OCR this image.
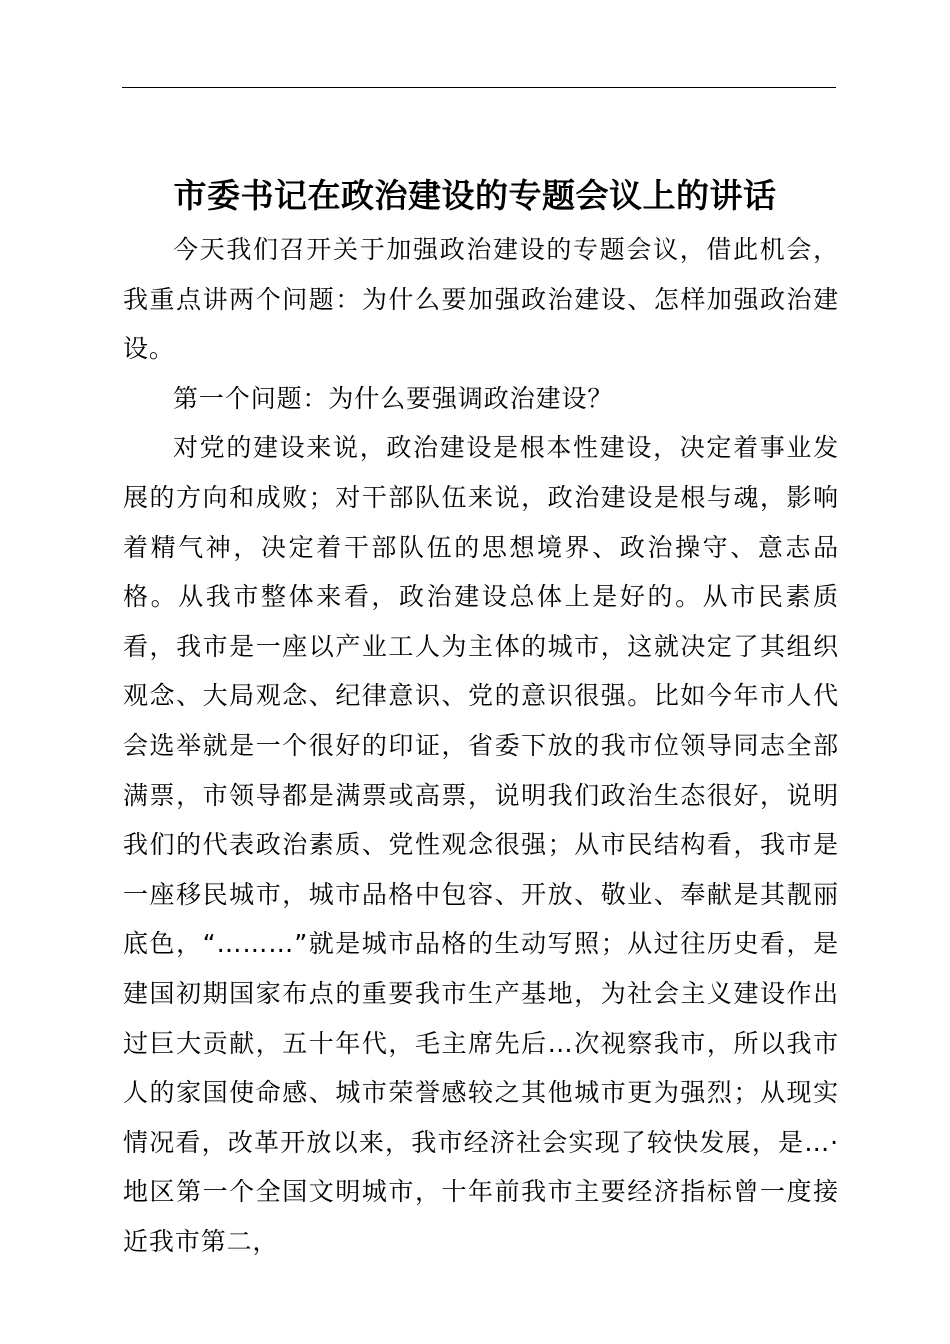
市委书记在政治建设的专题会议上的讲话

今天我们召开关于加强政治建设的专题会议，借此机会，我重点讲两个问题：为什么要加强政治建设、怎样加强政治建设。

第一个问题：为什么要强调政治建设？

对党的建设来说，政治建设是根本性建设，决定着事业发展的方向和成败；对干部队伍来说，政治建设是根与魂，影响着精气神，决定着干部队伍的思想境界、政治操守、意志品格。从我市整体来看，政治建设总体上是好的。从市民素质看，我市是一座以产业工人为主体的城市，这就决定了其组织观念、大局观念、纪律意识、党的意识很强。比如今年市人代会选举就是一个很好的印证，省委下放的我市位领导同志全部满票，市领导都是满票或高票，说明我们政治生态很好，说明我们的代表政治素质、党性观念很强；从市民结构看，我市是一座移民城市，城市品格中包容、开放、敬业、奉献是其靓丽底色，“………”就是城市品格的生动写照；从过往历史看，是建国初期国家布点的重要我市生产基地，为社会主义建设作出过巨大贡献，五十年代，毛主席先后…次视察我市，所以我市人的家国使命感、城市荣誉感较之其他城市更为强烈；从现实情况看，改革开放以来，我市经济社会实现了较快发展，是…·地区第一个全国文明城市，十年前我市主要经济指标曾一度接近我市第二，
